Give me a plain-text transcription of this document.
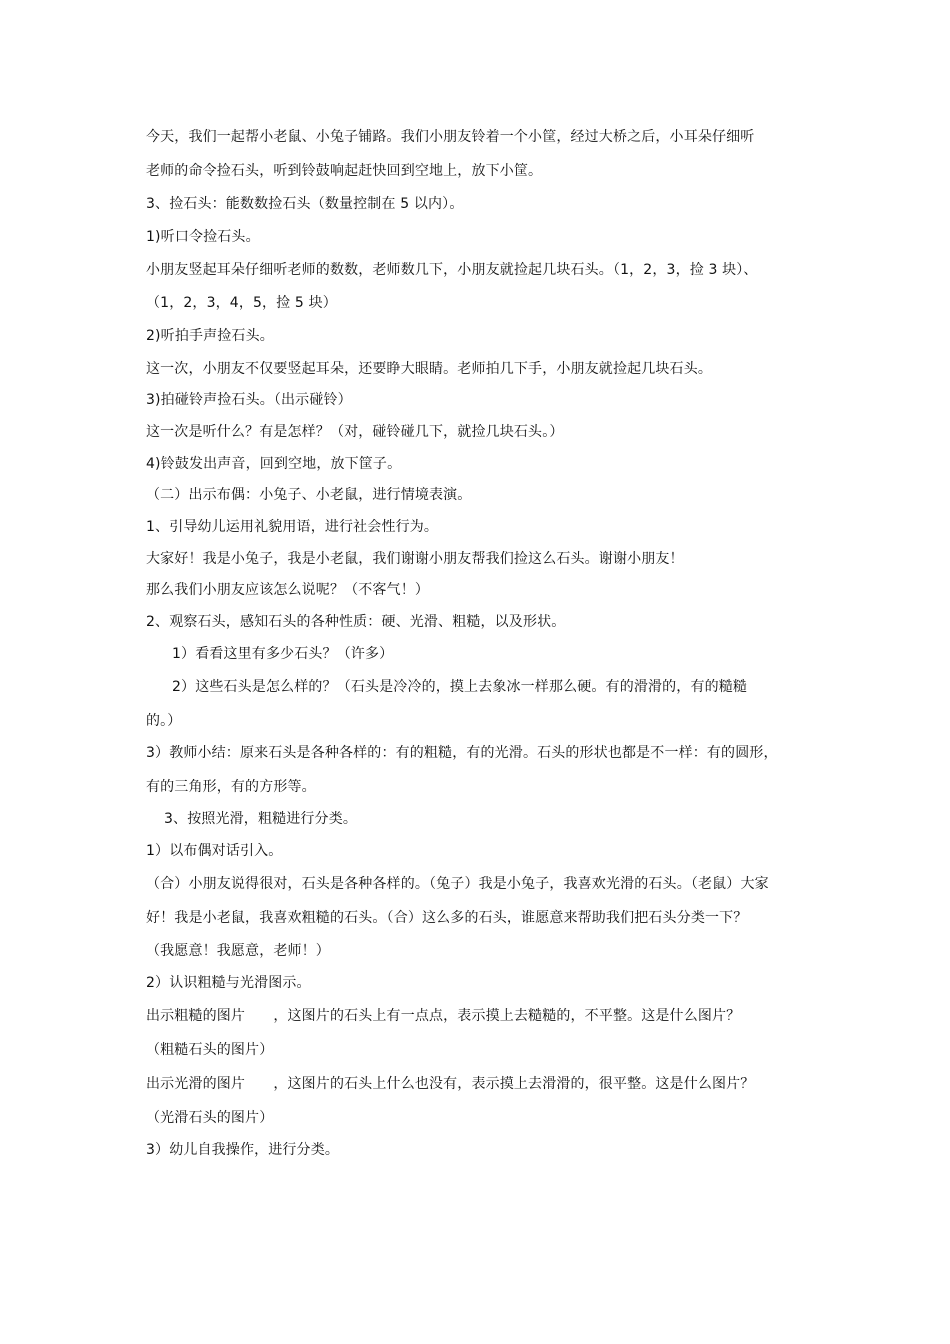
今天，我们一起帮小老鼠、小兔子铺路。我们小朋友铃着一个小筐，经过大桥之后，小耳朵仔细听
老师的命令捡石头，听到铃鼓响起赶快回到空地上，放下小筐。
3、捡石头：能数数捡石头（数量控制在 5 以内）。
1)听口令捡石头。
小朋友竖起耳朵仔细听老师的数数，老师数几下，小朋友就捡起几块石头。（1，2，3，捡 3 块）、
（1，2，3，4，5，捡 5 块）
2)听拍手声捡石头。
这一次，小朋友不仅要竖起耳朵，还要睁大眼睛。老师拍几下手，小朋友就捡起几块石头。
3)拍碰铃声捡石头。（出示碰铃）
这一次是听什么？有是怎样？（对，碰铃碰几下，就捡几块石头。）
4)铃鼓发出声音，回到空地，放下筐子。
（二）出示布偶：小兔子、小老鼠，进行情境表演。
1、引导幼儿运用礼貌用语，进行社会性行为。
大家好！我是小兔子，我是小老鼠，我们谢谢小朋友帮我们捡这么石头。谢谢小朋友！
那么我们小朋友应该怎么说呢？（不客气！）
2、观察石头，感知石头的各种性质：硬、光滑、粗糙，以及形状。
1）看看这里有多少石头？（许多）
2）这些石头是怎么样的？（石头是冷冷的，摸上去象冰一样那么硬。有的滑滑的，有的糙糙
的。）
3）教师小结：原来石头是各种各样的：有的粗糙，有的光滑。石头的形状也都是不一样：有的圆形，
有的三角形，有的方形等。
3、按照光滑，粗糙进行分类。
1）以布偶对话引入。
（合）小朋友说得很对，石头是各种各样的。（兔子）我是小兔子，我喜欢光滑的石头。（老鼠）大家
好！我是小老鼠，我喜欢粗糙的石头。（合）这么多的石头，谁愿意来帮助我们把石头分类一下？
（我愿意！我愿意，老师！）
2）认识粗糙与光滑图示。
出示粗糙的图片　　，这图片的石头上有一点点，表示摸上去糙糙的，不平整。这是什么图片？
（粗糙石头的图片）
出示光滑的图片　　，这图片的石头上什么也没有，表示摸上去滑滑的，很平整。这是什么图片？
（光滑石头的图片）
3）幼儿自我操作，进行分类。
